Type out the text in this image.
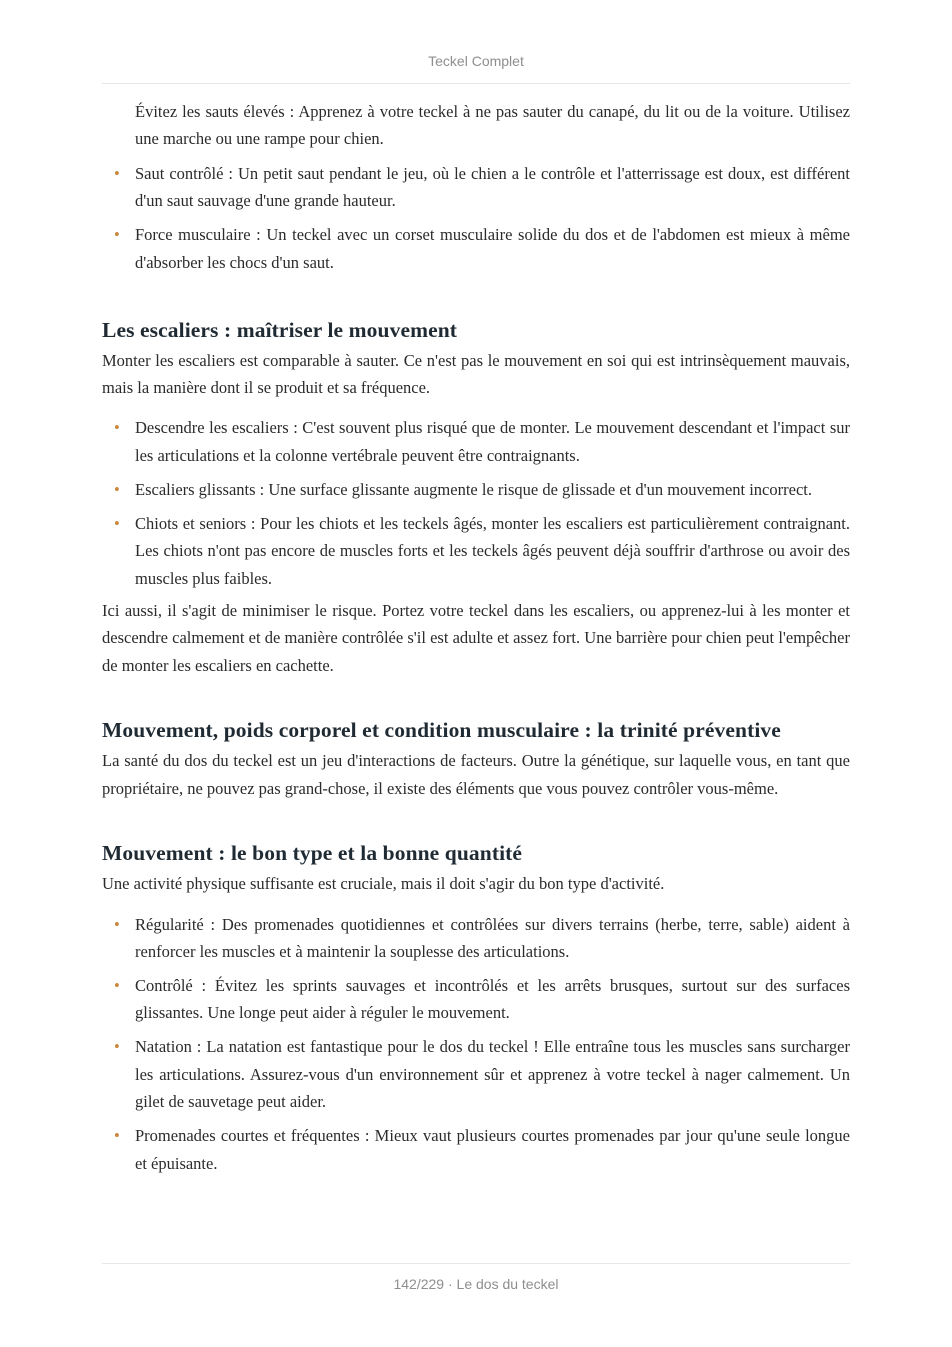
Teckel Complet

Évitez les sauts élevés : Apprenez à votre teckel à ne pas sauter du canapé, du lit ou de la voiture. Utilisez une marche ou une rampe pour chien.

• Saut contrôlé : Un petit saut pendant le jeu, où le chien a le contrôle et l'atterrissage est doux, est différent d'un saut sauvage d'une grande hauteur.

• Force musculaire : Un teckel avec un corset musculaire solide du dos et de l'abdomen est mieux à même d'absorber les chocs d'un saut.

Les escaliers : maîtriser le mouvement

Monter les escaliers est comparable à sauter. Ce n'est pas le mouvement en soi qui est intrinsèquement mauvais, mais la manière dont il se produit et sa fréquence.

• Descendre les escaliers : C'est souvent plus risqué que de monter. Le mouvement descendant et l'impact sur les articulations et la colonne vertébrale peuvent être contraignants.

• Escaliers glissants : Une surface glissante augmente le risque de glissade et d'un mouvement incorrect.

• Chiots et seniors : Pour les chiots et les teckels âgés, monter les escaliers est particulièrement contraignant. Les chiots n'ont pas encore de muscles forts et les teckels âgés peuvent déjà souffrir d'arthrose ou avoir des muscles plus faibles.

Ici aussi, il s'agit de minimiser le risque. Portez votre teckel dans les escaliers, ou apprenez-lui à les monter et descendre calmement et de manière contrôlée s'il est adulte et assez fort. Une barrière pour chien peut l'empêcher de monter les escaliers en cachette.

Mouvement, poids corporel et condition musculaire : la trinité préventive

La santé du dos du teckel est un jeu d'interactions de facteurs. Outre la génétique, sur laquelle vous, en tant que propriétaire, ne pouvez pas grand-chose, il existe des éléments que vous pouvez contrôler vous-même.

Mouvement : le bon type et la bonne quantité

Une activité physique suffisante est cruciale, mais il doit s'agir du bon type d'activité.

• Régularité : Des promenades quotidiennes et contrôlées sur divers terrains (herbe, terre, sable) aident à renforcer les muscles et à maintenir la souplesse des articulations.

• Contrôlé : Évitez les sprints sauvages et incontrôlés et les arrêts brusques, surtout sur des surfaces glissantes. Une longe peut aider à réguler le mouvement.

• Natation : La natation est fantastique pour le dos du teckel ! Elle entraîne tous les muscles sans surcharger les articulations. Assurez-vous d'un environnement sûr et apprenez à votre teckel à nager calmement. Un gilet de sauvetage peut aider.

• Promenades courtes et fréquentes : Mieux vaut plusieurs courtes promenades par jour qu'une seule longue et épuisante.

142/229 · Le dos du teckel
